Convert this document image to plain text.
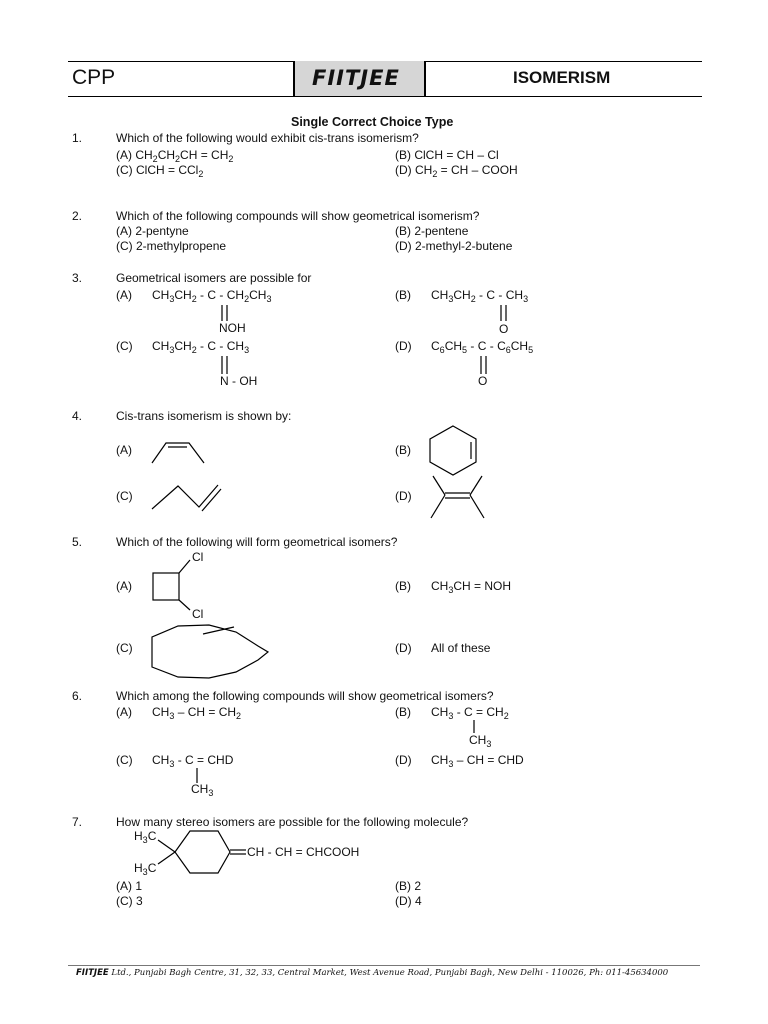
CPP	FIITJEE	ISOMERISM
Single Correct Choice Type
1.	Which of the following would exhibit cis-trans isomerism?
(A) $CH_2CH_2CH = CH_2$	(B) ClCH = CH – Cl
(C) ClCH = CCl$_2$	(D) $CH_2$ = CH – COOH
2.	Which of the following compounds will show geometrical isomerism?
(A) 2-pentyne	(B) 2-pentene
(C) 2-methylpropene	(D) 2-methyl-2-butene
3.	Geometrical isomers are possible for
(A) $CH_3CH_2$ - C - $CH_2CH_3$
NOH
(B) $CH_3CH_2$ - C - $CH_3$
O
(C) $CH_3CH_2$ - C - $CH_3$
N - OH
(D) $C_6CH_5$ - C - $C_6CH_5$
O
4.	Cis-trans isomerism is shown by:
(A)	(B)
(C)	(D)
5.	Which of the following will form geometrical isomers?
(A)
Cl
Cl
(B) $CH_3CH$ = NOH
(C)	(D) All of these
6.	Which among the following compounds will show geometrical isomers?
(A) $CH_3$ – CH = $CH_2$	(B) $CH_3 - C = CH_2$
$CH_3$
(C) $CH_3$ - C = CHD
$CH_3$
(D) $CH_3$ – CH = CHD
7.	How many stereo isomers are possible for the following molecule?
$H_3C$
$H_3C$
CH - CH = CHCOOH
(A) 1	(B) 2
(C) 3	(D) 4
FIITJEE Ltd., Punjabi Bagh Centre, 31, 32, 33, Central Market, West Avenue Road, Punjabi Bagh, New Delhi - 110026, Ph: 011-45634000
